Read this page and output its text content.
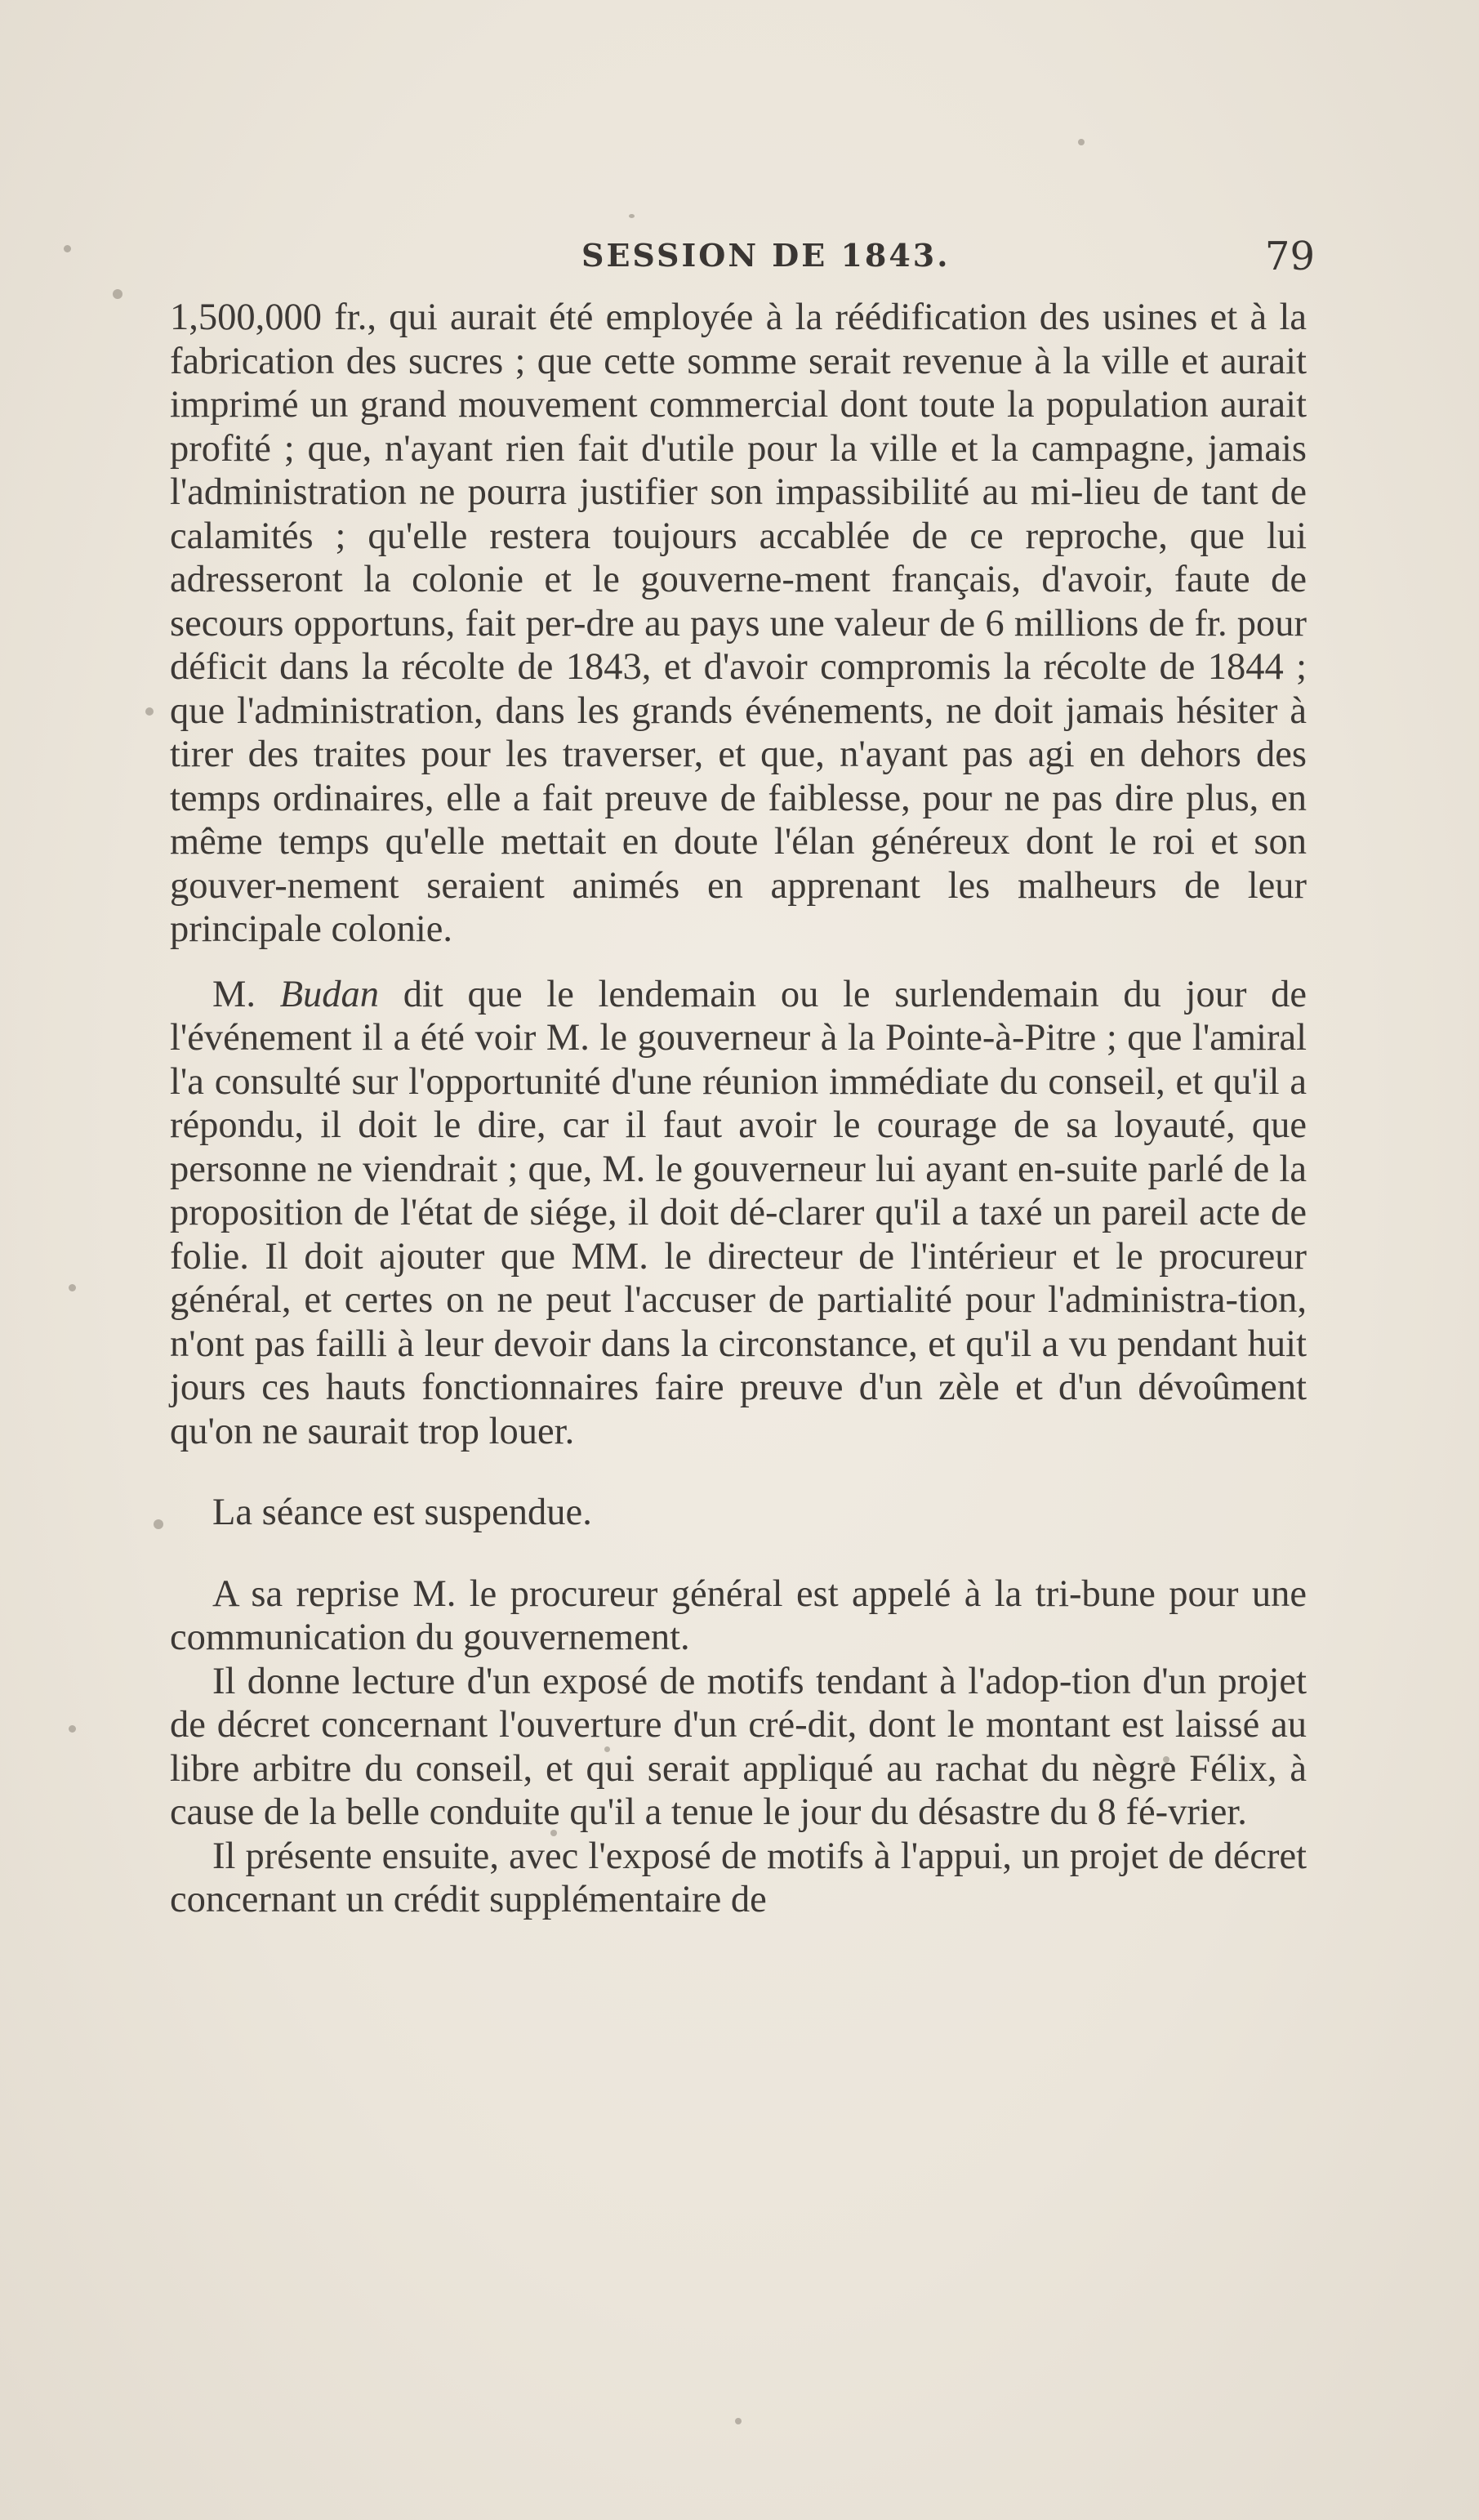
SESSION DE 1843.	79

1,500,000 fr., qui aurait été employée à la réédification des usines et à la fabrication des sucres ; que cette somme serait revenue à la ville et aurait imprimé un grand mouvement commercial dont toute la population aurait profité ; que, n'ayant rien fait d'utile pour la ville et la campagne, jamais l'administration ne pourra justifier son impassibilité au mi-lieu de tant de calamités ; qu'elle restera toujours accablée de ce reproche, que lui adresseront la colonie et le gouverne-ment français, d'avoir, faute de secours opportuns, fait per-dre au pays une valeur de 6 millions de fr. pour déficit dans la récolte de 1843, et d'avoir compromis la récolte de 1844 ; que l'administration, dans les grands événements, ne doit jamais hésiter à tirer des traites pour les traverser, et que, n'ayant pas agi en dehors des temps ordinaires, elle a fait preuve de faiblesse, pour ne pas dire plus, en même temps qu'elle mettait en doute l'élan généreux dont le roi et son gouver-nement seraient animés en apprenant les malheurs de leur principale colonie.

M. Budan dit que le lendemain ou le surlendemain du jour de l'événement il a été voir M. le gouverneur à la Pointe-à-Pitre ; que l'amiral l'a consulté sur l'opportunité d'une réunion immédiate du conseil, et qu'il a répondu, il doit le dire, car il faut avoir le courage de sa loyauté, que personne ne viendrait ; que, M. le gouverneur lui ayant en-suite parlé de la proposition de l'état de siége, il doit dé-clarer qu'il a taxé un pareil acte de folie. Il doit ajouter que MM. le directeur de l'intérieur et le procureur général, et certes on ne peut l'accuser de partialité pour l'administra-tion, n'ont pas failli à leur devoir dans la circonstance, et qu'il a vu pendant huit jours ces hauts fonctionnaires faire preuve d'un zèle et d'un dévoûment qu'on ne saurait trop louer.

La séance est suspendue.

A sa reprise M. le procureur général est appelé à la tri-bune pour une communication du gouvernement.

Il donne lecture d'un exposé de motifs tendant à l'adop-tion d'un projet de décret concernant l'ouverture d'un cré-dit, dont le montant est laissé au libre arbitre du conseil, et qui serait appliqué au rachat du nègre Félix, à cause de la belle conduite qu'il a tenue le jour du désastre du 8 fé-vrier.

Il présente ensuite, avec l'exposé de motifs à l'appui, un projet de décret concernant un crédit supplémentaire de
